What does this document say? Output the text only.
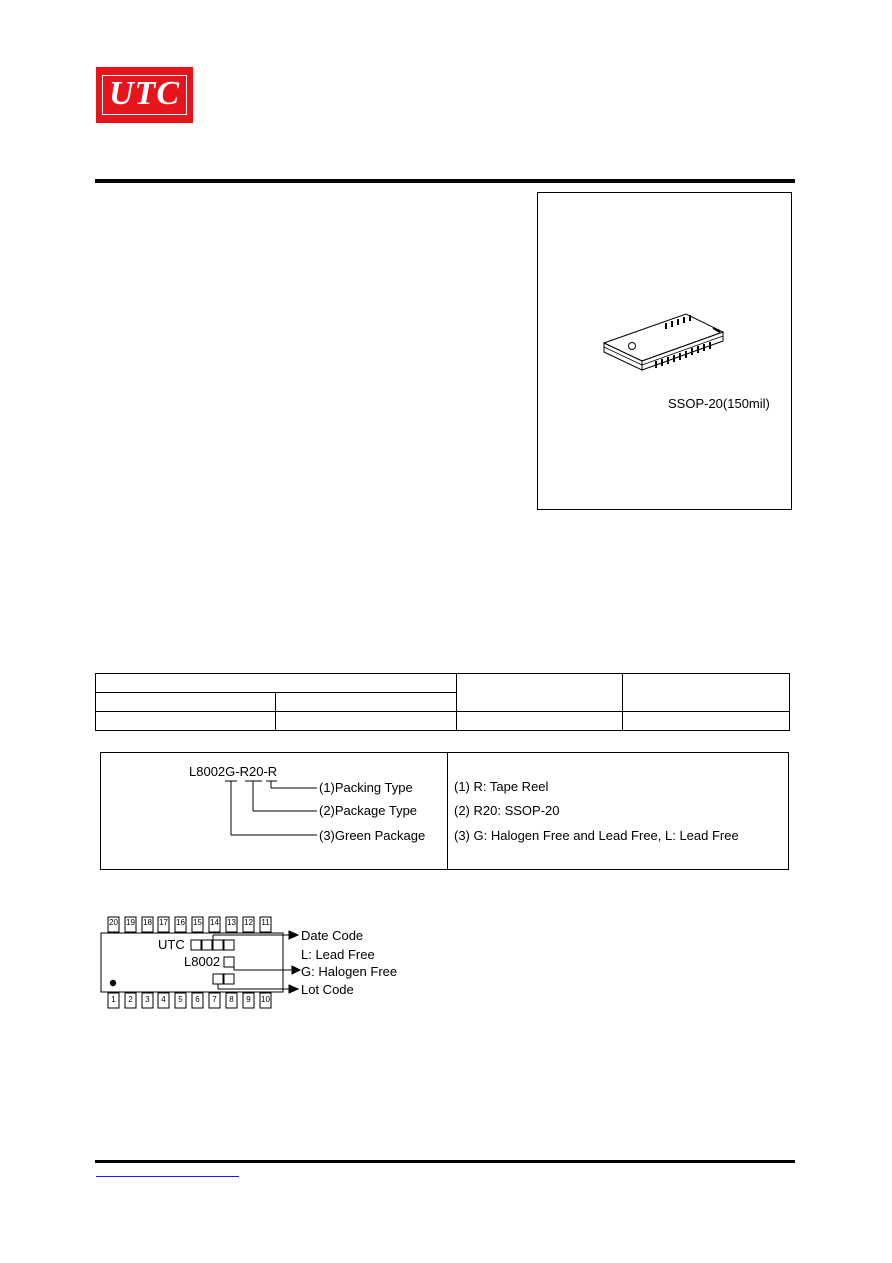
UTC
SSOP-20(150mil)
L8002G-R20-R
(1)Packing Type
(2)Package Type
(3)Green Package
(1) R: Tape Reel
(2) R20: SSOP-20
(3) G: Halogen Free and Lead Free, L: Lead Free
20 19 18 17 16 15 14 13 12 11
1	2	3	4	5	6	7	8	9	10
UTC
L8002
Date Code
L: Lead Free
G: Halogen Free
Lot Code
